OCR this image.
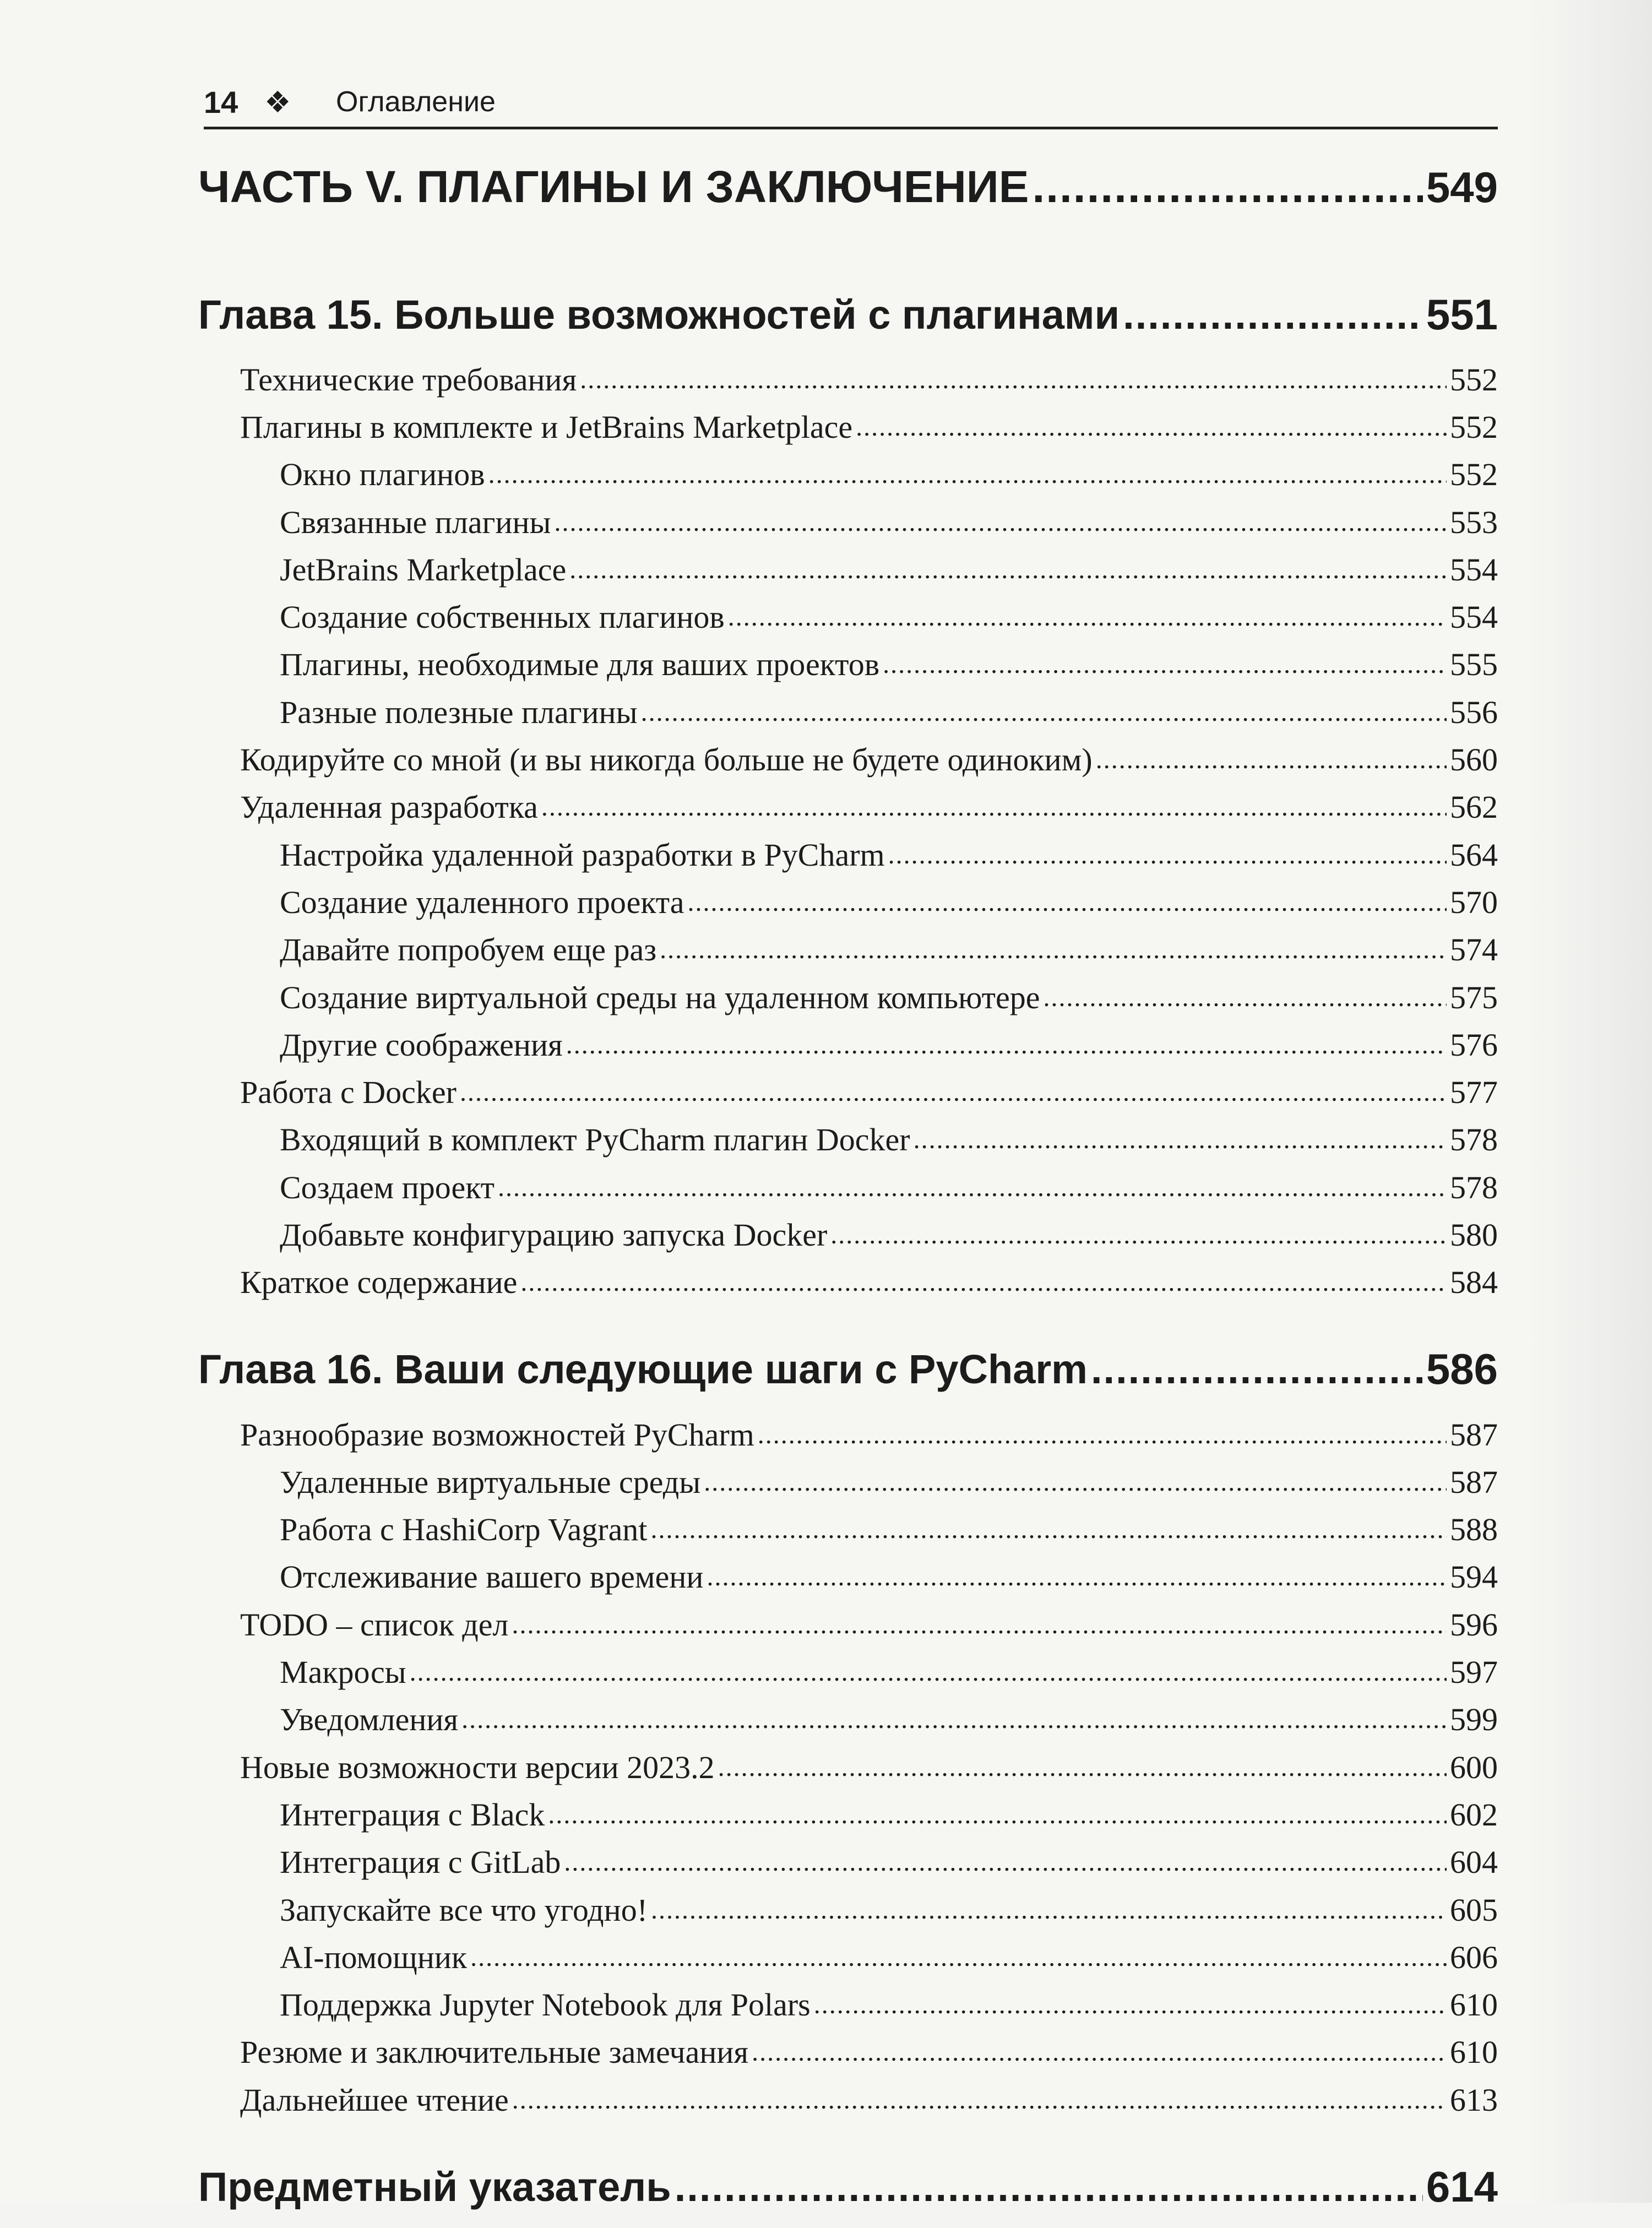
14 ❖	Оглавление
ЧАСТЬ V. ПЛАГИНЫ И ЗАКЛЮЧЕНИЕ .....	549
Глава 15. Больше возможностей с плагинами .....	551
Технические требования .....	552
Плагины в комплекте и JetBrains Marketplace .....	552
Окно плагинов .....	552
Связанные плагины .....	553
JetBrains Marketplace .....	554
Создание собственных плагинов .....	554
Плагины, необходимые для ваших проектов .....	555
Разные полезные плагины .....	556
Кодируйте со мной (и вы никогда больше не будете одиноким) .....	560
Удаленная разработка .....	562
Настройка удаленной разработки в PyCharm .....	564
Создание удаленного проекта .....	570
Давайте попробуем еще раз .....	574
Создание виртуальной среды на удаленном компьютере .....	575
Другие соображения .....	576
Работа с Docker .....	577
Входящий в комплект PyCharm плагин Docker .....	578
Создаем проект .....	578
Добавьте конфигурацию запуска Docker .....	580
Краткое содержание .....	584
Глава 16. Ваши следующие шаги с PyCharm .....	586
Разнообразие возможностей PyCharm .....	587
Удаленные виртуальные среды .....	587
Работа с HashiCorp Vagrant .....	588
Отслеживание вашего времени .....	594
TODO – список дел .....	596
Макросы .....	597
Уведомления .....	599
Новые возможности версии 2023.2 .....	600
Интеграция с Black .....	602
Интеграция с GitLab .....	604
Запускайте все что угодно! .....	605
AI-помощник .....	606
Поддержка Jupyter Notebook для Polars .....	610
Резюме и заключительные замечания .....	610
Дальнейшее чтение .....	613
Предметный указатель .....	614
